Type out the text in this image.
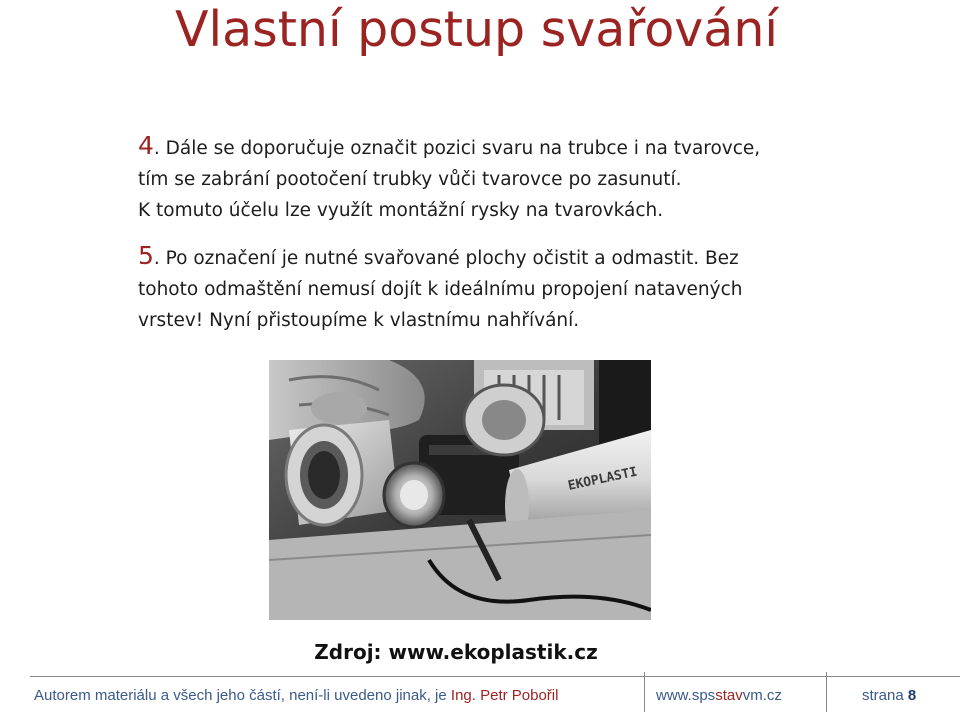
Vlastní postup svařování
4. Dále se doporučuje označit pozici svaru na trubce i na tvarovce,
tím se zabrání pootočení trubky vůči tvarovce po zasunutí.
K tomuto účelu lze využít montážní rysky na tvarovkách.
5. Po označení je nutné svařované plochy očistit a odmastit. Bez
tohoto odmaštění nemusí dojít k ideálnímu propojení natavených
vrstev! Nyní přistoupíme k vlastnímu nahřívání.
EKOPLASTI
Zdroj: www.ekoplastik.cz
Autorem materiálu a všech jeho částí, není-li uvedeno jinak, je Ing. Petr Pobořil	www.spsstavvm.cz	strana 8
